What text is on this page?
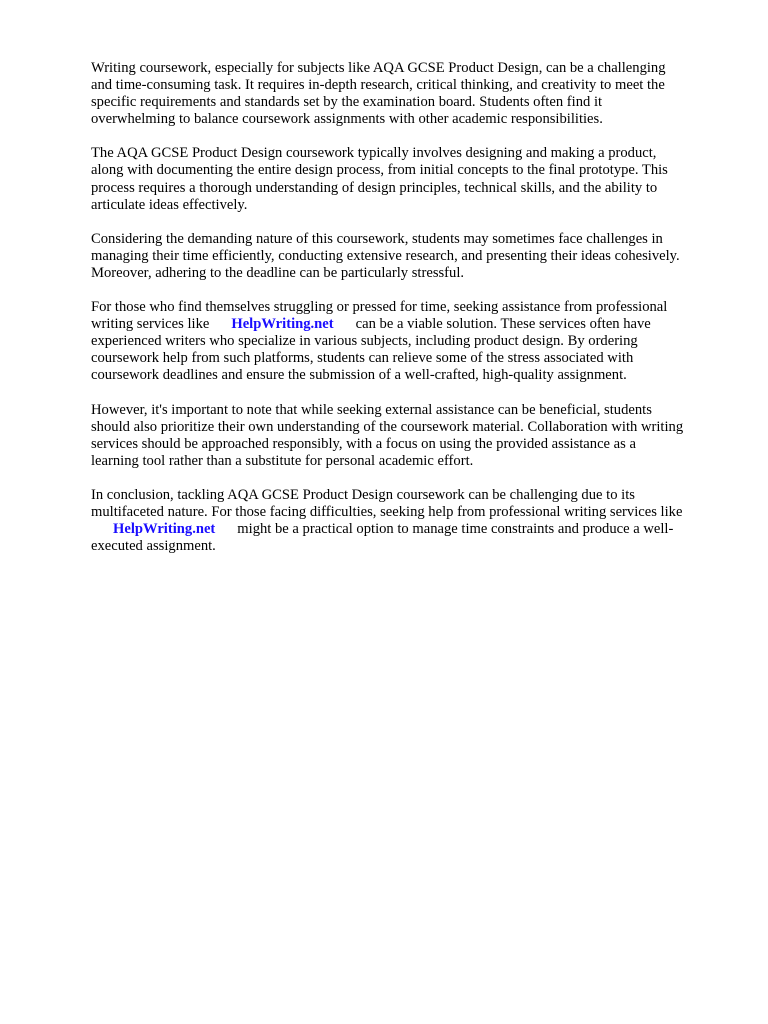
Writing coursework, especially for subjects like AQA GCSE Product Design, can be a challenging
and time-consuming task. It requires in-depth research, critical thinking, and creativity to meet the
specific requirements and standards set by the examination board. Students often find it
overwhelming to balance coursework assignments with other academic responsibilities.

The AQA GCSE Product Design coursework typically involves designing and making a product,
along with documenting the entire design process, from initial concepts to the final prototype. This
process requires a thorough understanding of design principles, technical skills, and the ability to
articulate ideas effectively.

Considering the demanding nature of this coursework, students may sometimes face challenges in
managing their time efficiently, conducting extensive research, and presenting their ideas cohesively.
Moreover, adhering to the deadline can be particularly stressful.

For those who find themselves struggling or pressed for time, seeking assistance from professional
writing services like HelpWriting.net can be a viable solution. These services often have
experienced writers who specialize in various subjects, including product design. By ordering
coursework help from such platforms, students can relieve some of the stress associated with
coursework deadlines and ensure the submission of a well-crafted, high-quality assignment.

However, it's important to note that while seeking external assistance can be beneficial, students
should also prioritize their own understanding of the coursework material. Collaboration with writing
services should be approached responsibly, with a focus on using the provided assistance as a
learning tool rather than a substitute for personal academic effort.

In conclusion, tackling AQA GCSE Product Design coursework can be challenging due to its
multifaceted nature. For those facing difficulties, seeking help from professional writing services like
HelpWriting.net might be a practical option to manage time constraints and produce a well-
executed assignment.
